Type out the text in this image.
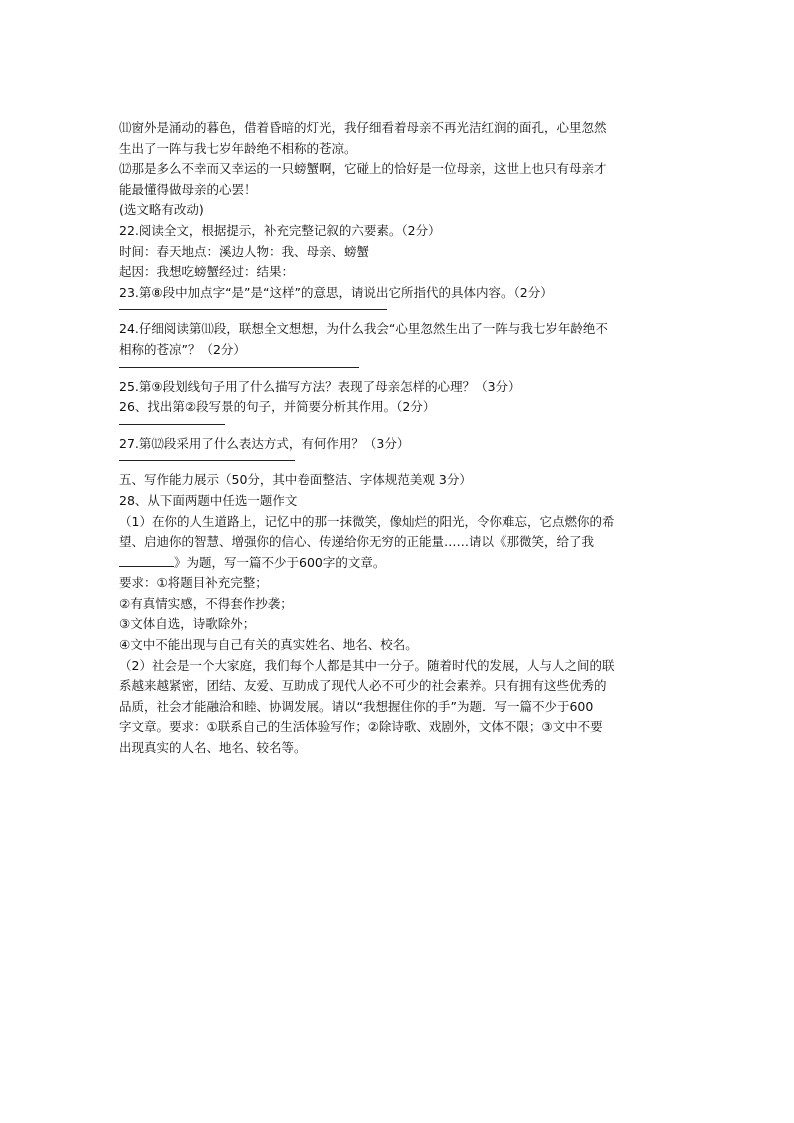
⑾窗外是涌动的暮色，借着昏暗的灯光，我仔细看着母亲不再光洁红润的面孔，心里忽然
生出了一阵与我七岁年龄绝不相称的苍凉。
⑿那是多么不幸而又幸运的一只螃蟹啊，它碰上的恰好是一位母亲，这世上也只有母亲才
能最懂得做母亲的心罢！
(选文略有改动)
22.阅读全文，根据提示，补充完整记叙的六要素。（2分）
时间：春天地点：溪边人物：我、母亲、螃蟹
起因：我想吃螃蟹经过：结果：
23.第⑧段中加点字“是”是“这样”的意思，请说出它所指代的具体内容。（2分）
24.仔细阅读第⑾段，联想全文想想，为什么我会“心里忽然生出了一阵与我七岁年龄绝不
相称的苍凉”？（2分）
25.第⑨段划线句子用了什么描写方法？表现了母亲怎样的心理？（3分）
26、找出第②段写景的句子，并简要分析其作用。（2分）
27.第⑿段采用了什么表达方式，有何作用？（3分）
五、写作能力展示（50分，其中卷面整洁、字体规范美观 3分）
28、从下面两题中任选一题作文
（1）在你的人生道路上，记忆中的那一抹微笑，像灿烂的阳光，令你难忘，它点燃你的希
望、启迪你的智慧、增强你的信心、传递给你无穷的正能量……请以《那微笑，给了我
》为题，写一篇不少于600字的文章。
要求：①将题目补充完整；
②有真情实感，不得套作抄袭；
③文体自选，诗歌除外；
④文中不能出现与自己有关的真实姓名、地名、校名。
（2）社会是一个大家庭，我们每个人都是其中一分子。随着时代的发展，人与人之间的联
系越来越紧密，团结、友爱、互助成了现代人必不可少的社会素养。只有拥有这些优秀的
品质，社会才能融洽和睦、协调发展。请以“我想握住你的手”为题．写一篇不少于600
字文章。要求：①联系自己的生活体验写作；②除诗歌、戏剧外，文体不限；③文中不要
出现真实的人名、地名、较名等。
